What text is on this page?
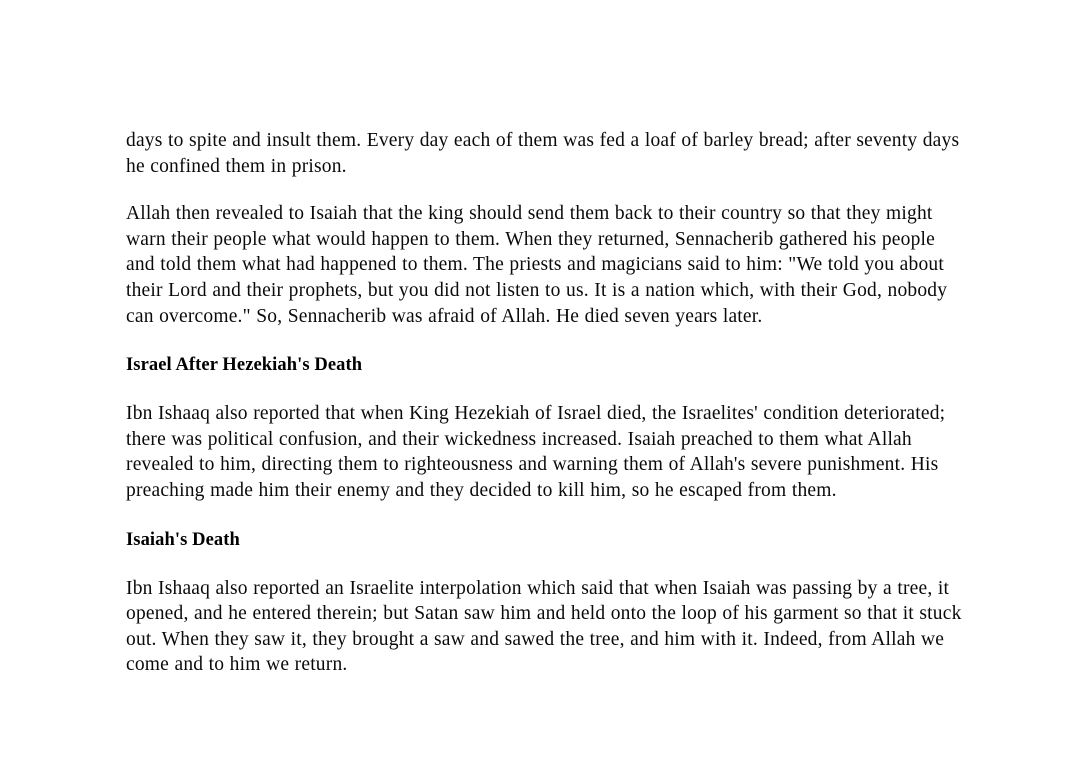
days to spite and insult them. Every day each of them was fed a loaf of barley bread; after seventy days he confined them in prison.

Allah then revealed to Isaiah that the king should send them back to their country so that they might warn their people what would happen to them. When they returned, Sennacherib gathered his people and told them what had happened to them. The priests and magicians said to him: "We told you about their Lord and their prophets, but you did not listen to us. It is a nation which, with their God, nobody can overcome." So, Sennacherib was afraid of Allah. He died seven years later.

Israel After Hezekiah's Death

Ibn Ishaaq also reported that when King Hezekiah of Israel died, the Israelites' condition deteriorated; there was political confusion, and their wickedness increased. Isaiah preached to them what Allah revealed to him, directing them to righteousness and warning them of Allah's severe punishment. His preaching made him their enemy and they decided to kill him, so he escaped from them.

Isaiah's Death

Ibn Ishaaq also reported an Israelite interpolation which said that when Isaiah was passing by a tree, it opened, and he entered therein; but Satan saw him and held onto the loop of his garment so that it stuck out. When they saw it, they brought a saw and sawed the tree, and him with it. Indeed, from Allah we come and to him we return.
